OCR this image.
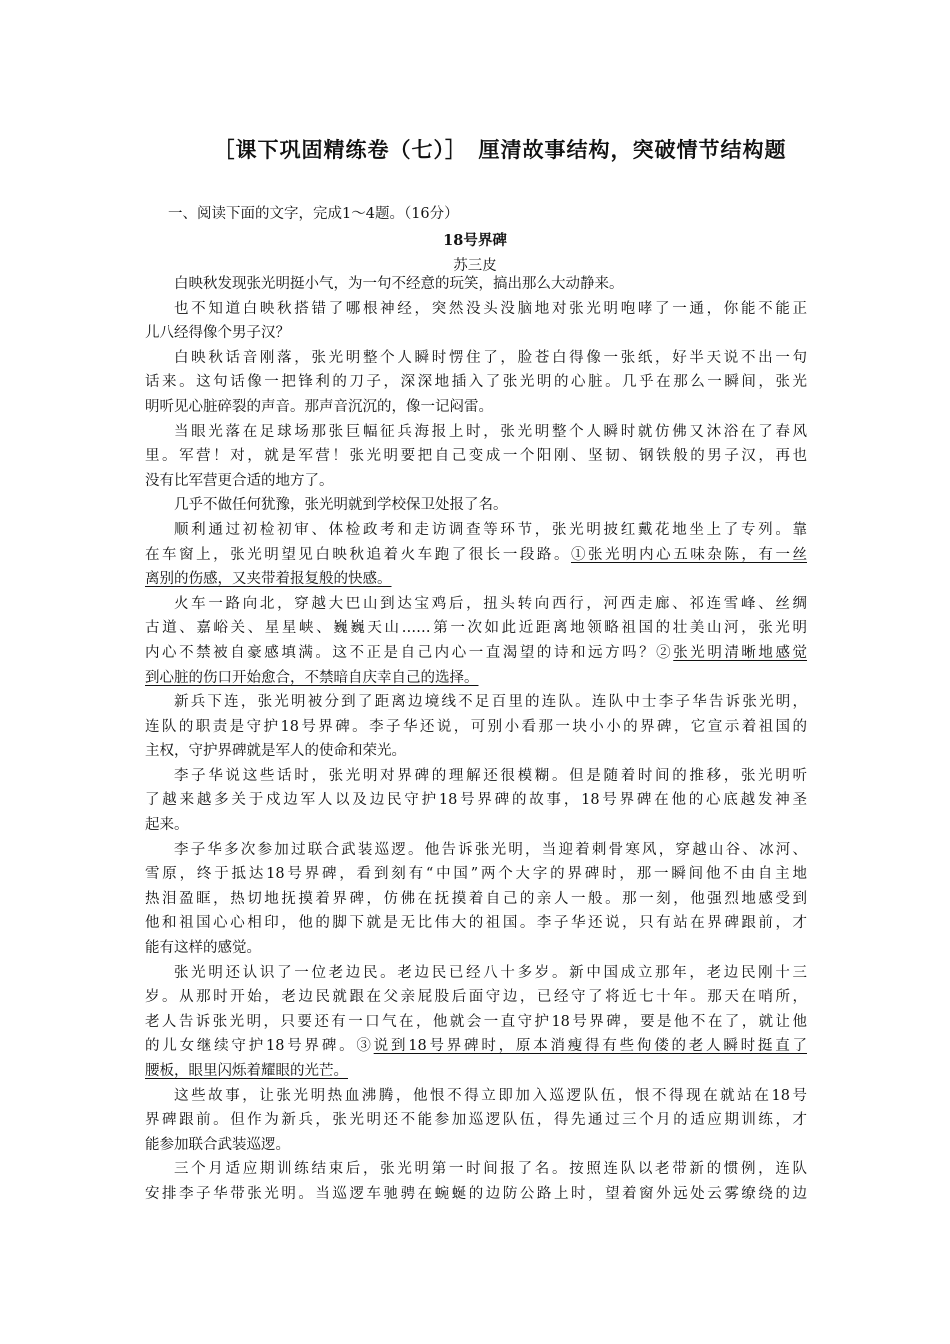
［课下巩固精练卷（七）］　厘清故事结构，突破情节结构题
一、阅读下面的文字，完成1～4题。（16分）
18号界碑
苏三皮
白映秋发现张光明挺小气，为一句不经意的玩笑，搞出那么大动静来。
也不知道白映秋搭错了哪根神经，突然没头没脑地对张光明咆哮了一通，你能不能正
儿八经得像个男子汉？
白映秋话音刚落，张光明整个人瞬时愣住了，脸苍白得像一张纸，好半天说不出一句
话来。这句话像一把锋利的刀子，深深地插入了张光明的心脏。几乎在那么一瞬间，张光
明听见心脏碎裂的声音。那声音沉沉的，像一记闷雷。
当眼光落在足球场那张巨幅征兵海报上时，张光明整个人瞬时就仿佛又沐浴在了春风
里。军营！对，就是军营！张光明要把自己变成一个阳刚、坚韧、钢铁般的男子汉，再也
没有比军营更合适的地方了。
几乎不做任何犹豫，张光明就到学校保卫处报了名。
顺利通过初检初审、体检政考和走访调查等环节，张光明披红戴花地坐上了专列。靠
在车窗上，张光明望见白映秋追着火车跑了很长一段路。①张光明内心五味杂陈，有一丝
离别的伤感，又夹带着报复般的快感。
火车一路向北，穿越大巴山到达宝鸡后，扭头转向西行，河西走廊、祁连雪峰、丝绸
古道、嘉峪关、星星峡、巍巍天山……第一次如此近距离地领略祖国的壮美山河，张光明
内心不禁被自豪感填满。这不正是自己内心一直渴望的诗和远方吗？②张光明清晰地感觉
到心脏的伤口开始愈合，不禁暗自庆幸自己的选择。
新兵下连，张光明被分到了距离边境线不足百里的连队。连队中士李子华告诉张光明，
连队的职责是守护18号界碑。李子华还说，可别小看那一块小小的界碑，它宣示着祖国的
主权，守护界碑就是军人的使命和荣光。
李子华说这些话时，张光明对界碑的理解还很模糊。但是随着时间的推移，张光明听
了越来越多关于戍边军人以及边民守护18号界碑的故事，18号界碑在他的心底越发神圣
起来。
李子华多次参加过联合武装巡逻。他告诉张光明，当迎着刺骨寒风，穿越山谷、冰河、
雪原，终于抵达18号界碑，看到刻有“中国”两个大字的界碑时，那一瞬间他不由自主地
热泪盈眶，热切地抚摸着界碑，仿佛在抚摸着自己的亲人一般。那一刻，他强烈地感受到
他和祖国心心相印，他的脚下就是无比伟大的祖国。李子华还说，只有站在界碑跟前，才
能有这样的感觉。
张光明还认识了一位老边民。老边民已经八十多岁。新中国成立那年，老边民刚十三
岁。从那时开始，老边民就跟在父亲屁股后面守边，已经守了将近七十年。那天在哨所，
老人告诉张光明，只要还有一口气在，他就会一直守护18号界碑，要是他不在了，就让他
的儿女继续守护18号界碑。③说到18号界碑时，原本消瘦得有些佝偻的老人瞬时挺直了
腰板，眼里闪烁着耀眼的光芒。
这些故事，让张光明热血沸腾，他恨不得立即加入巡逻队伍，恨不得现在就站在18号
界碑跟前。但作为新兵，张光明还不能参加巡逻队伍，得先通过三个月的适应期训练，才
能参加联合武装巡逻。
三个月适应期训练结束后，张光明第一时间报了名。按照连队以老带新的惯例，连队
安排李子华带张光明。当巡逻车驰骋在蜿蜒的边防公路上时，望着窗外远处云雾缭绕的边
